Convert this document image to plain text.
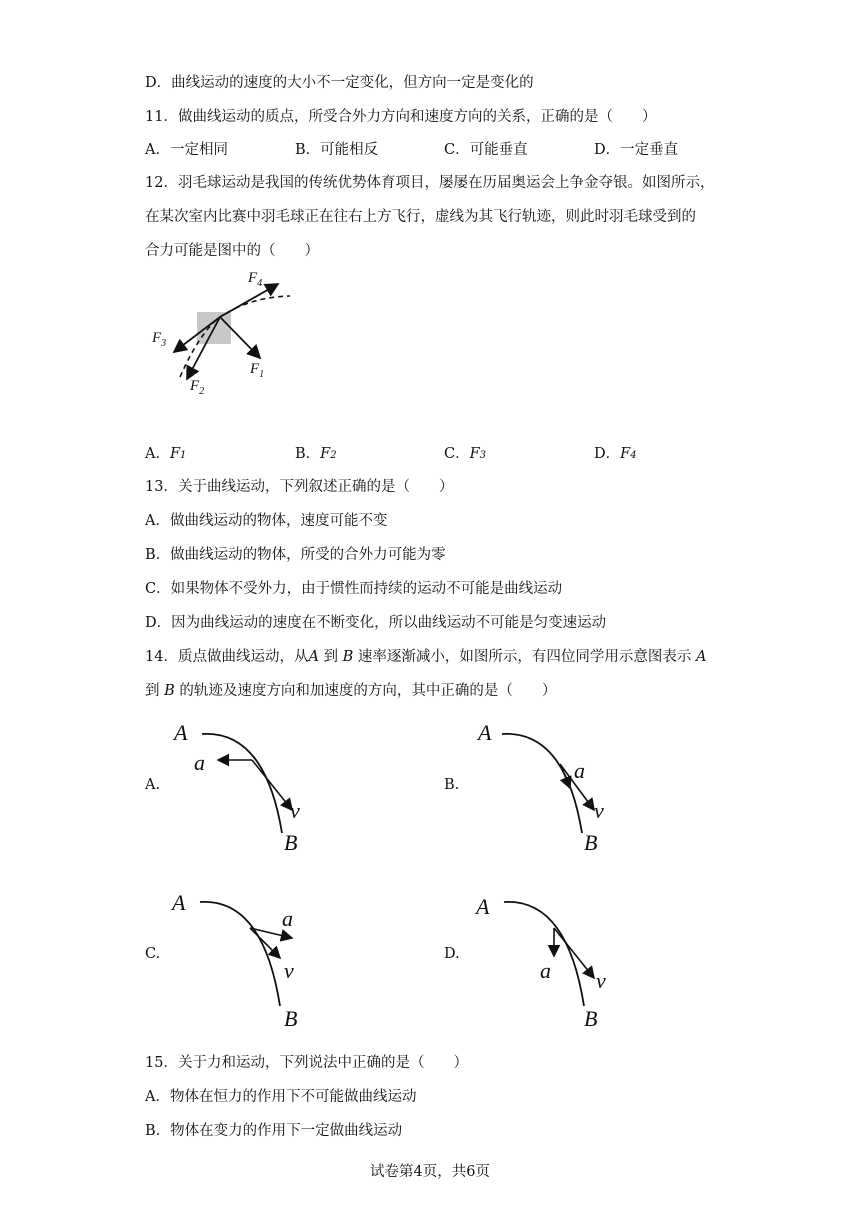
D．曲线运动的速度的大小不一定变化，但方向一定是变化的
11．做曲线运动的质点，所受合外力方向和速度方向的关系，正确的是（　　）
A．一定相同	B．可能相反	C．可能垂直	D．一定垂直
12．羽毛球运动是我国的传统优势体育项目，屡屡在历届奥运会上争金夺银。如图所示，
在某次室内比赛中羽毛球正在往右上方飞行，虚线为其飞行轨迹，则此时羽毛球受到的
合力可能是图中的（　　）
$F_4$
$F_1$
$F_2$
$F_3$
A．F1	B．F2	C．F3	D．F4
13．关于曲线运动，下列叙述正确的是（　　）
A．做曲线运动的物体，速度可能不变
B．做曲线运动的物体，所受的合外力可能为零
C．如果物体不受外力，由于惯性而持续的运动不可能是曲线运动
D．因为曲线运动的速度在不断变化，所以曲线运动不可能是匀变速运动
14．质点做曲线运动，从A 到 B 速率逐渐减小，如图所示，有四位同学用示意图表示 A
到 B 的轨迹及速度方向和加速度的方向，其中正确的是（　　）
A.	B.
C.	D.
A
a
v
B
A
a
v
B
A
a
v
B
A
a v
B
15．关于力和运动，下列说法中正确的是（　　）
A．物体在恒力的作用下不可能做曲线运动
B．物体在变力的作用下一定做曲线运动
试卷第4页，共6页
